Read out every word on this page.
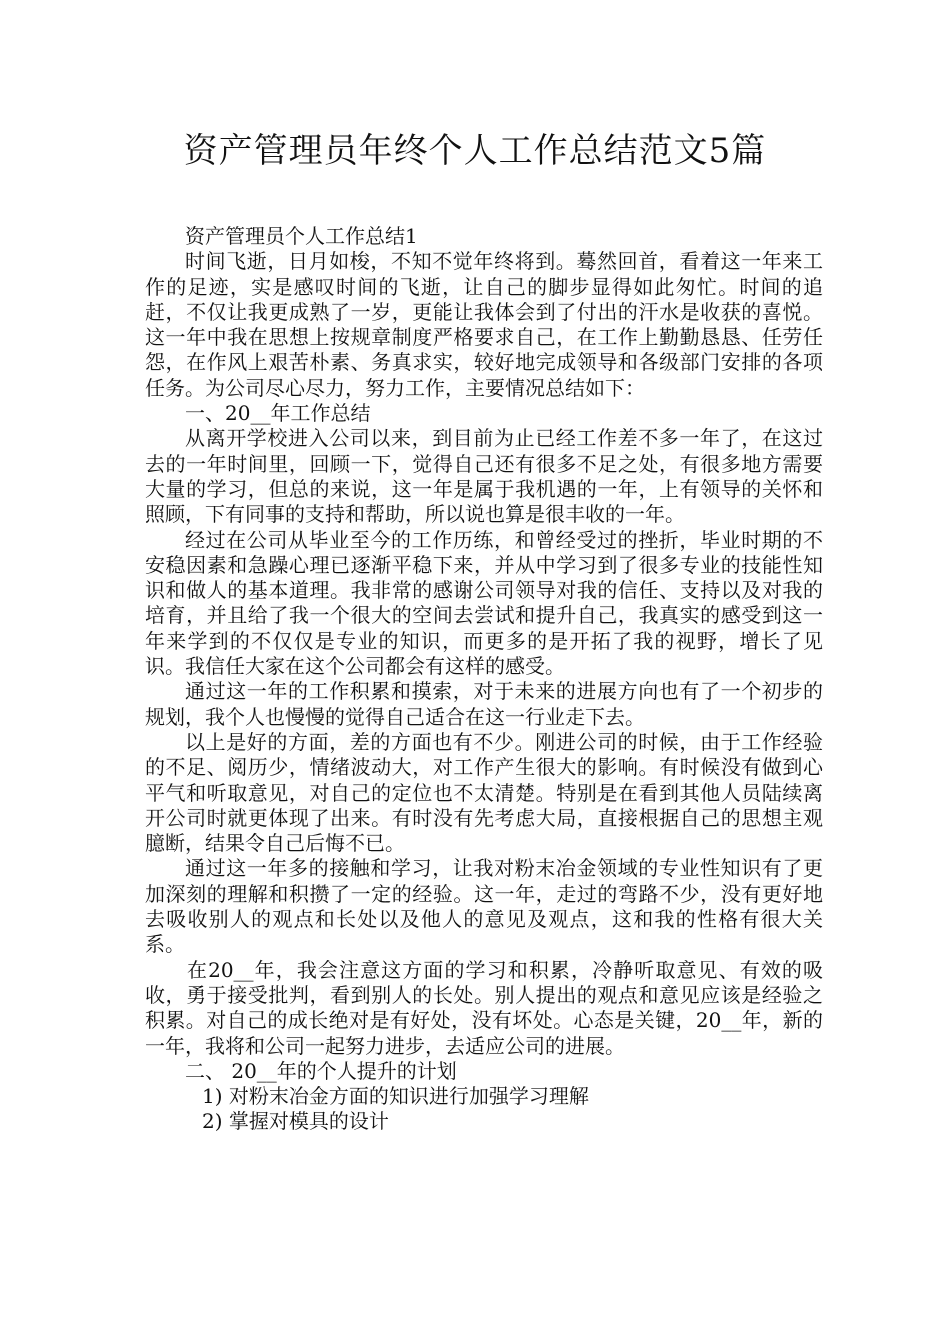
资产管理员年终个人工作总结范文5篇

资产管理员个人工作总结1

时间飞逝，日月如梭，不知不觉年终将到。蓦然回首，看着这一年来工作的足迹，实是感叹时间的飞逝，让自己的脚步显得如此匆忙。时间的追赶，不仅让我更成熟了一岁，更能让我体会到了付出的汗水是收获的喜悦。这一年中我在思想上按规章制度严格要求自己，在工作上勤勤恳恳、任劳任怨，在作风上艰苦朴素、务真求实，较好地完成领导和各级部门安排的各项任务。为公司尽心尽力，努力工作，主要情况总结如下：

一、20__年工作总结

从离开学校进入公司以来，到目前为止已经工作差不多一年了，在这过去的一年时间里，回顾一下，觉得自己还有很多不足之处，有很多地方需要大量的学习，但总的来说，这一年是属于我机遇的一年，上有领导的关怀和照顾，下有同事的支持和帮助，所以说也算是很丰收的一年。

经过在公司从毕业至今的工作历练，和曾经受过的挫折，毕业时期的不安稳因素和急躁心理已逐渐平稳下来，并从中学习到了很多专业的技能性知识和做人的基本道理。我非常的感谢公司领导对我的信任、支持以及对我的培育，并且给了我一个很大的空间去尝试和提升自己，我真实的感受到这一年来学到的不仅仅是专业的知识，而更多的是开拓了我的视野，增长了见识。我信任大家在这个公司都会有这样的感受。

通过这一年的工作积累和摸索，对于未来的进展方向也有了一个初步的规划，我个人也慢慢的觉得自己适合在这一行业走下去。

以上是好的方面，差的方面也有不少。刚进公司的时候，由于工作经验的不足、阅历少，情绪波动大，对工作产生很大的影响。有时候没有做到心平气和听取意见，对自己的定位也不太清楚。特别是在看到其他人员陆续离开公司时就更体现了出来。有时没有先考虑大局，直接根据自己的思想主观臆断，结果令自己后悔不已。

通过这一年多的接触和学习，让我对粉末冶金领域的专业性知识有了更加深刻的理解和积攒了一定的经验。这一年，走过的弯路不少，没有更好地去吸收别人的观点和长处以及他人的意见及观点，这和我的性格有很大关系。

在20__年，我会注意这方面的学习和积累，冷静听取意见、有效的吸收，勇于接受批判，看到别人的长处。别人提出的观点和意见应该是经验之积累。对自己的成长绝对是有好处，没有坏处。心态是关键，20__年，新的一年，我将和公司一起努力进步，去适应公司的进展。

二、 20__年的个人提升的计划

1) 对粉末冶金方面的知识进行加强学习理解

2) 掌握对模具的设计
